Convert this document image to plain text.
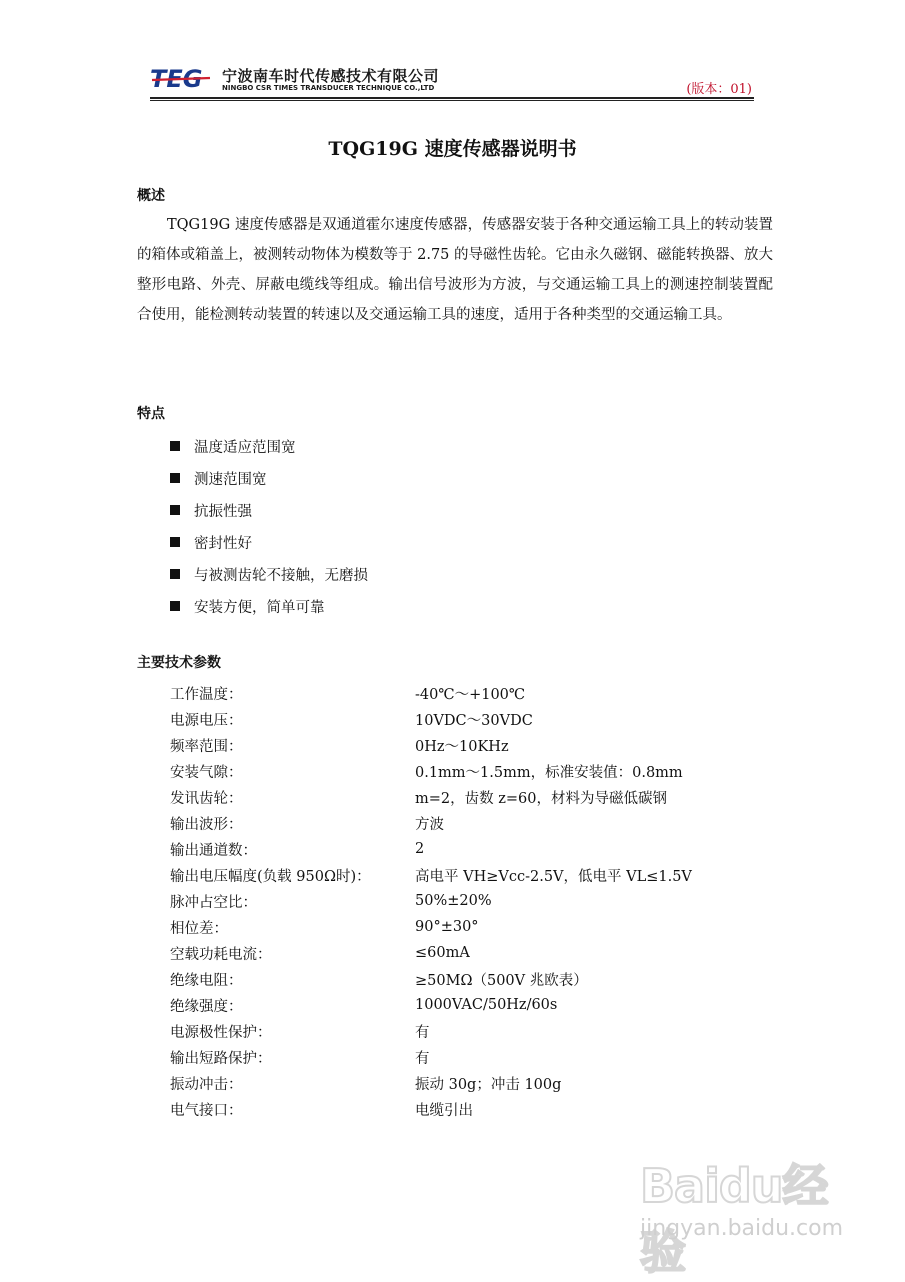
TEG 宁波南车时代传感技术有限公司
NINGBO CSR TIMES TRANSDUCER TECHNIQUE CO.,LTD	(版本：01)
TQG19G 速度传感器说明书
概述

TQG19G 速度传感器是双通道霍尔速度传感器，传感器安装于各种交通运输工具上的转动装置的箱体或箱盖上，被测转动物体为模数等于 2.75 的导磁性齿轮。它由永久磁钢、磁能转换器、放大整形电路、外壳、屏蔽电缆线等组成。输出信号波形为方波，与交通运输工具上的测速控制装置配合使用，能检测转动装置的转速以及交通运输工具的速度，适用于各种类型的交通运输工具。

特点
温度适应范围宽
测速范围宽
抗振性强
密封性好
与被测齿轮不接触，无磨损
安装方便，简单可靠
主要技术参数
工作温度：	-40℃～+100℃
电源电压：	10VDC～30VDC
频率范围：	0Hz～10KHz
安装气隙：	0.1mm～1.5mm，标准安装值：0.8mm
发讯齿轮：	m=2，齿数 z=60，材料为导磁低碳钢
输出波形：	方波
输出通道数：	2
输出电压幅度(负载 950Ω时)：	高电平 VH≥Vcc-2.5V，低电平 VL≤1.5V
脉冲占空比：	50%±20%
相位差：	90°±30°
空载功耗电流：	≤60mA
绝缘电阻：	≥50MΩ（500V 兆欧表）
绝缘强度：	1000VAC/50Hz/60s
电源极性保护：	有
输出短路保护：	有
振动冲击：	振动 30g；冲击 100g
电气接口：	电缆引出
Baidu经验
jingyan.baidu.com
